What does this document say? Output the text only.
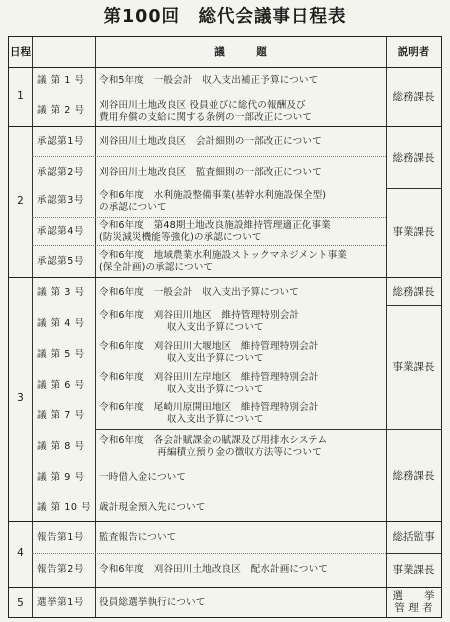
第100回　総代会議事日程表
日程	議　　　題	説明者
1
2
3
4
5
議 第 1 号 令和5年度　一般会計　収入支出補正予算について
議 第 2 号 刈谷田川土地改良区 役員並びに総代の報酬及び
費用弁償の支給に関する条例の一部改正について
承認第1号 刈谷田川土地改良区　会計細則の一部改正について
承認第2号 刈谷田川土地改良区　監査細則の一部改正について
承認第3号 令和6年度　水利施設整備事業(基幹水利施設保全型)
の承認について
承認第4号
令和6年度　第48期土地改良施設維持管理適正化事業
(防災減災機能等強化)の承認について
承認第5号
令和6年度　地域農業水利施設ストックマネジメント事業
(保全計画)の承認について
議 第 3 号 令和6年度　一般会計　収入支出予算について
議 第 4 号
令和6年度　刈谷田川地区　維持管理特別会計
　　　　　　　収入支出予算について
議 第 5 号
令和6年度　刈谷田川大堰地区　維持管理特別会計
　　　　　　　収入支出予算について
議 第 6 号
令和6年度　刈谷田川左岸地区　維持管理特別会計
　　　　　　　収入支出予算について
議 第 7 号
令和6年度　尾崎川原開田地区　維持管理特別会計
　　　　　　　収入支出予算について
議 第 8 号
令和6年度　各会計賦課金の賦課及び用排水システム
　　　　　　再編積立預り金の徴収方法等について
議 第 9 号 一時借入金について
議 第 10 号 歳計現金預入先について
報告第1号 監査報告について
報告第2号 令和6年度　刈谷田川土地改良区　配水計画について
選挙第1号 役員総選挙執行について
総務課長
総務課長
事業課長
総務課長
事業課長
総務課長
総括監事
事業課長
選　　挙
管 理 者
